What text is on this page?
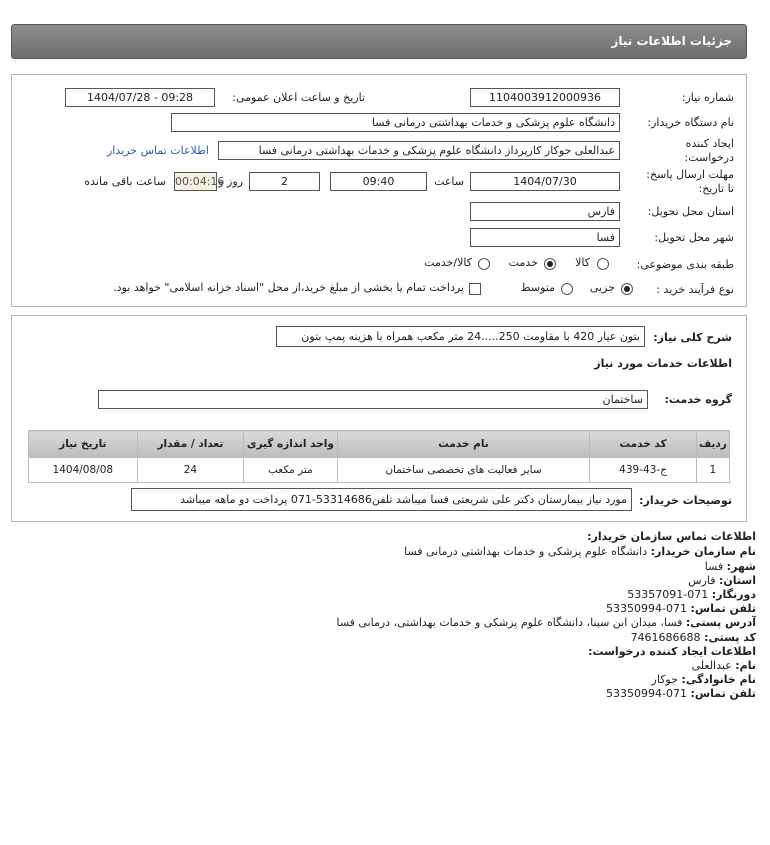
جزئیات اطلاعات نیاز
شماره نیاز:
1104003912000936
تاریخ و ساعت اعلان عمومی:
1404/07/28 - 09:28
نام دستگاه خریدار:
دانشگاه علوم پزشکی و خدمات بهداشتی درمانی فسا
ایجاد کننده
درخواست:
عبدالعلی جوکار کارپرداز دانشگاه علوم پزشکی و خدمات بهداشتی درمانی فسا
اطلاعات تماس خریدار
مهلت ارسال پاسخ:
تا تاریخ:
1404/07/30
ساعت
09:40
2
روز و
00:04:16
ساعت باقی مانده
استان محل تحویل:
فارس
شهر محل تحویل:
فسا
طبقه بندی موضوعی:
کالا
خدمت
کالا/خدمت
نوع فرآیند خرید :
جزیی
متوسط
پرداخت تمام یا بخشی از مبلغ خرید،از محل "اسناد خزانه اسلامی" خواهد بود.
شرح کلی نیاز:
بتون عیار 420 با مقاومت 250.....24 متر مکعب همراه با هزینه پمپ بتون
اطلاعات خدمات مورد نیاز
گروه خدمت:
ساختمان
ردیف	کد خدمت	نام خدمت	واحد اندازه گیری	تعداد / مقدار	تاریخ نیاز
1	ج-43-439	سایر فعالیت های تخصصی ساختمان	متر مکعب	24	1404/08/08
توضیحات خریدار:
مورد نیاز بیمارستان دکتر علی شریعتی فسا میباشد تلفن53314686-071 پرداخت دو ماهه میباشد
اطلاعات تماس سازمان خریدار:
نام سازمان خریدار: دانشگاه علوم پزشکی و خدمات بهداشتی درمانی فسا
شهر: فسا
استان: فارس
دورنگار: 071-53357091
تلفن تماس: 071-53350994
آدرس پستی: فسا، میدان ابن سینا، دانشگاه علوم پزشکی و خدمات بهداشتی، درمانی فسا
کد پستی: 7461686688
اطلاعات ایجاد کننده درخواست:
نام: عبدالعلی
نام خانوادگی: جوکار
تلفن تماس: 071-53350994
